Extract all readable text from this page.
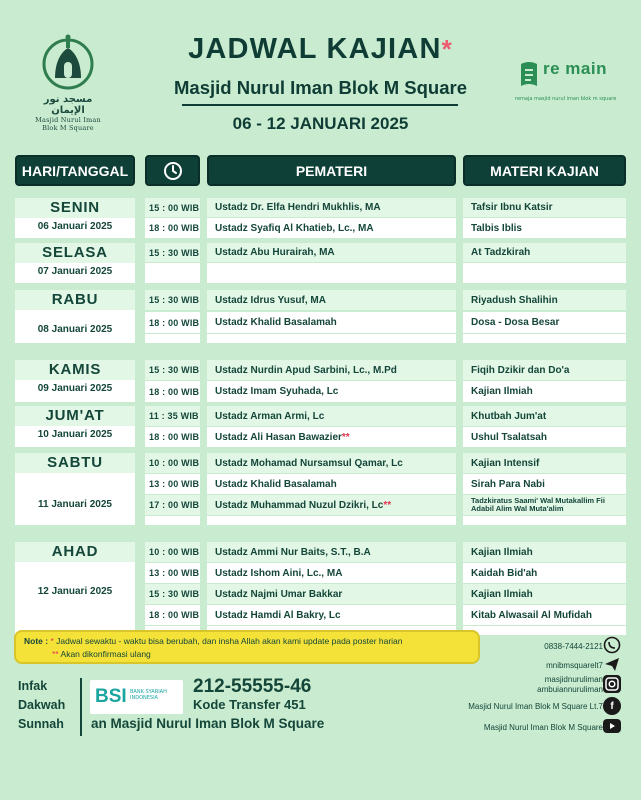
مسجد نور الإيمان
Masjid Nurul Iman
Blok M Square
JADWAL KAJIAN*
Masjid Nurul Iman Blok M Square
06 - 12 JANUARI 2025
re main
remaja masjid nurul iman blok m square
HARI/TANGGAL	PEMATERI	MATERI KAJIAN
SENIN
06 Januari 2025
15 : 00 WIB Ustadz Dr. Elfa Hendri Mukhlis, MA	Tafsir Ibnu Katsir
18 : 00 WIB Ustadz Syafiq Al Khatieb, Lc., MA	Talbis Iblis
SELASA
07 Januari 2025
15 : 30 WIB Ustadz Abu Hurairah, MA	At Tadzkirah
RABU
08 Januari 2025
15 : 30 WIB Ustadz Idrus Yusuf, MA	Riyadush Shalihin
18 : 00 WIB Ustadz Khalid Basalamah	Dosa - Dosa Besar
KAMIS
09 Januari 2025
15 : 30 WIB Ustadz Nurdin Apud Sarbini, Lc., M.Pd	Fiqih Dzikir dan Do'a
18 : 00 WIB Ustadz Imam Syuhada, Lc	Kajian Ilmiah
JUM'AT
10 Januari 2025
11 : 35 WIB Ustadz Arman Armi, Lc	Khutbah Jum'at
18 : 00 WIB Ustadz Ali Hasan Bawazier **	Ushul Tsalatsah
SABTU
11 Januari 2025
10 : 00 WIB Ustadz Mohamad Nursamsul Qamar, Lc	Kajian Intensif
13 : 00 WIB Ustadz Khalid Basalamah	Sirah Para Nabi
17 : 00 WIB Ustadz Muhammad Nuzul Dzikri, Lc **	Tadzkiratus Saami' Wal Mutakallim Fii Adabil Alim Wal Muta'alim
AHAD
12 Januari 2025
10 : 00 WIB Ustadz Ammi Nur Baits, S.T., B.A	Kajian Ilmiah
13 : 00 WIB Ustadz Ishom Aini, Lc., MA	Kaidah Bid'ah
15 : 30 WIB Ustadz Najmi Umar Bakkar	Kajian Ilmiah
18 : 00 WIB Ustadz Hamdi Al Bakry, Lc	Kitab Alwasail Al Mufidah
Note : * Jadwal sewaktu - waktu bisa berubah, dan insha Allah akan kami update pada poster harian
** Akan dikonfirmasi ulang
Infak
Dakwah
Sunnah
BSI BANK SYARIAH
INDONESIA
212-55555-46
Kode Transfer 451
an Masjid Nurul Iman Blok M Square
0838-7444-2121
mnibmsquarelt7
masjidnuruliman
ambuiannuruliman
Masjid Nurul Iman Blok M Square Lt.7 f
Masjid Nurul Iman Blok M Square
